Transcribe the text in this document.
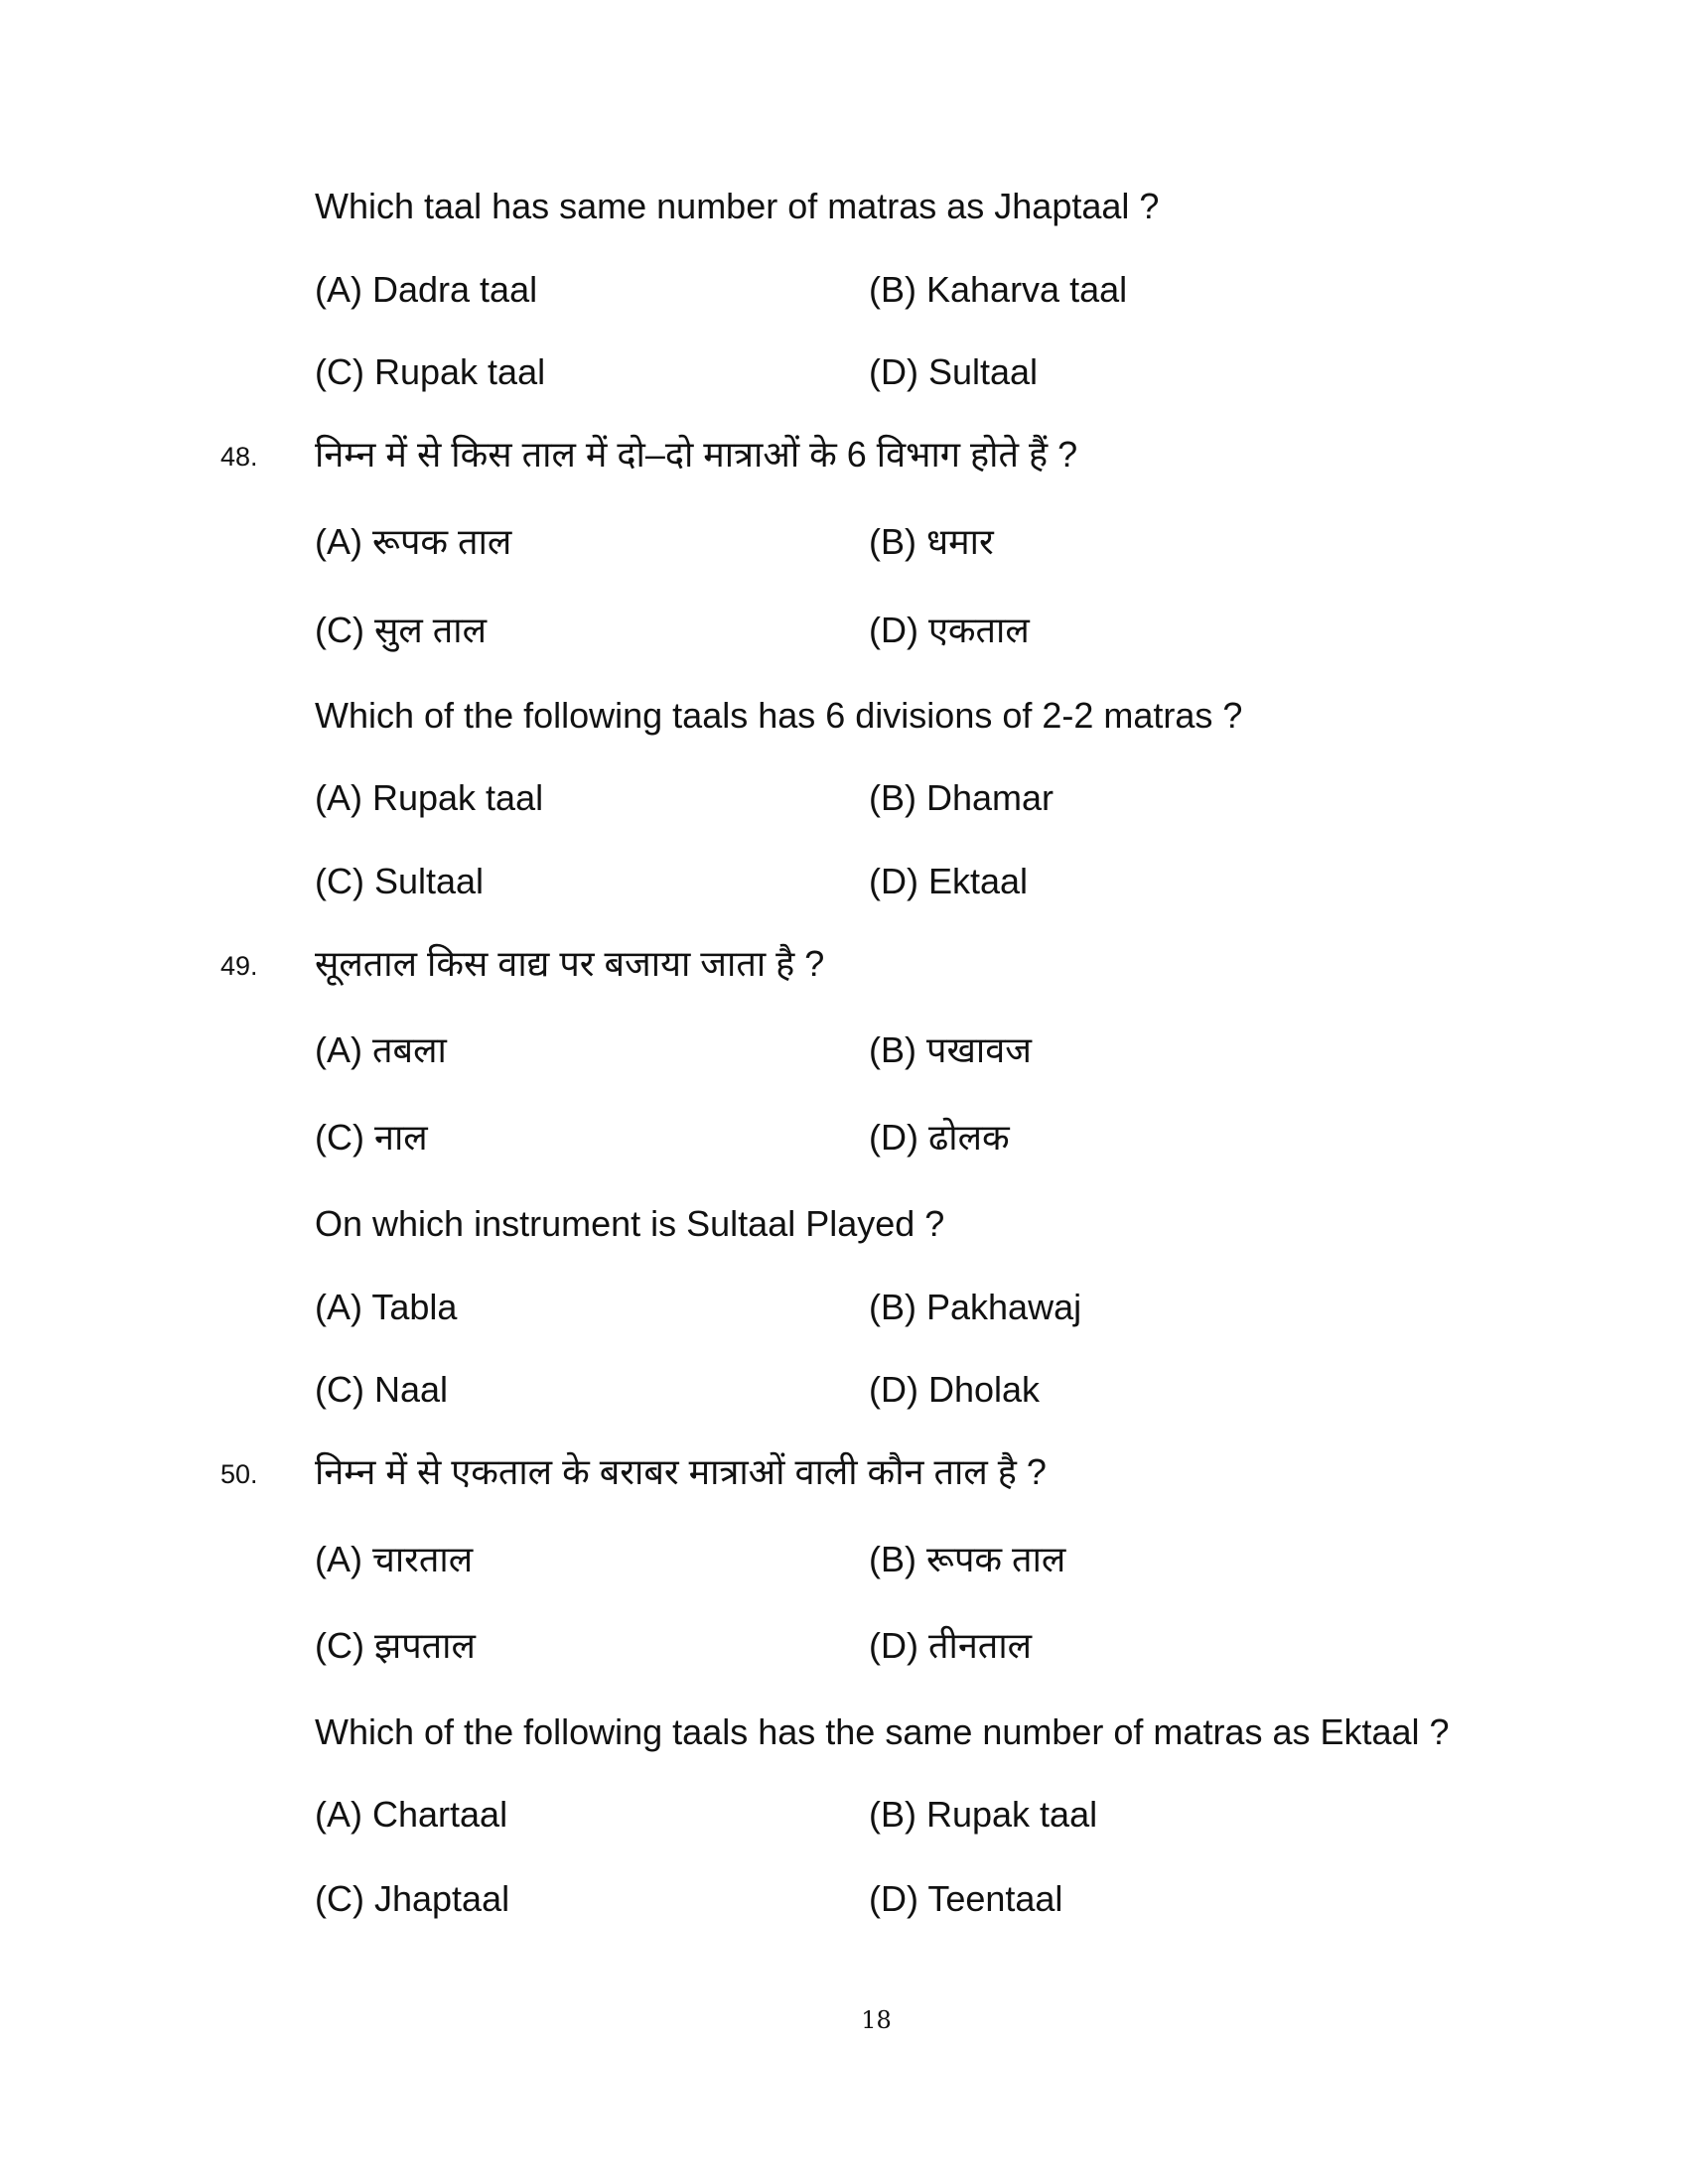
Which taal has same number of matras as Jhaptaal ?
(A) Dadra taal	(B) Kaharva taal
(C) Rupak taal	(D) Sultaal
48. निम्न में से किस ताल में दो–दो मात्राओं के 6 विभाग होते हैं ?
(A) रूपक ताल	(B) धमार
(C) सुल ताल	(D) एकताल
Which of the following taals has 6 divisions of 2-2 matras ?
(A) Rupak taal	(B) Dhamar
(C) Sultaal	(D) Ektaal
49. सूलताल किस वाद्य पर बजाया जाता है ?
(A) तबला	(B) पखावज
(C) नाल	(D) ढोलक
On which instrument is Sultaal Played ?
(A) Tabla	(B) Pakhawaj
(C) Naal	(D) Dholak
50. निम्न में से एकताल के बराबर मात्राओं वाली कौन ताल है ?
(A) चारताल	(B) रूपक ताल
(C) झपताल	(D) तीनताल
Which of the following taals has the same number of matras as Ektaal ?
(A) Chartaal	(B) Rupak taal
(C) Jhaptaal	(D) Teentaal
18
